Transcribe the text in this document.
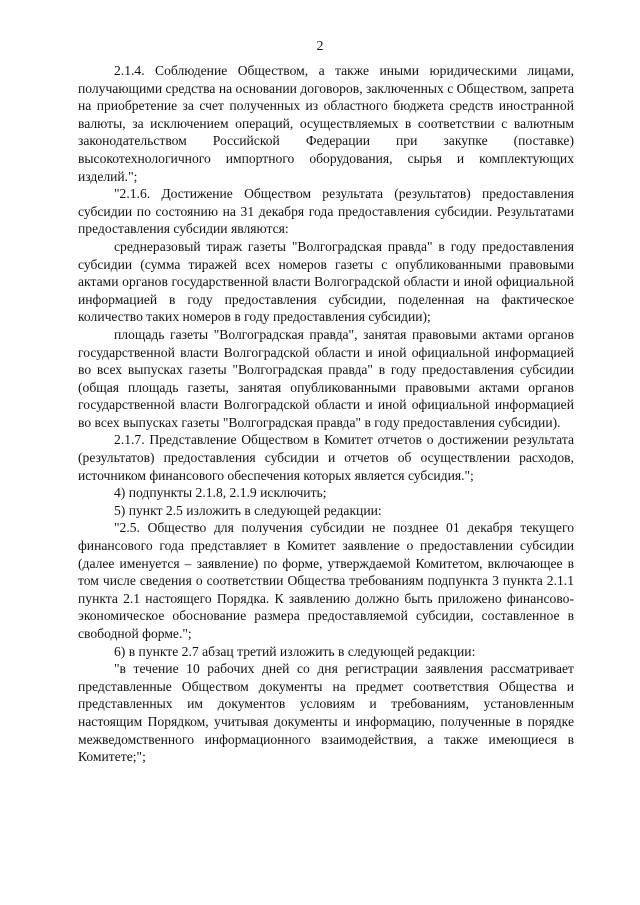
2

2.1.4. Соблюдение Обществом, а также иными юридическими лицами, получающими средства на основании договоров, заключенных с Обществом, запрета на приобретение за счет полученных из областного бюджета средств иностранной валюты, за исключением операций, осуществляемых в соответствии с валютным законодательством Российской Федерации при закупке (поставке) высокотехнологичного импортного оборудования, сырья и комплектующих изделий.";

"2.1.6. Достижение Обществом результата (результатов) предоставления субсидии по состоянию на 31 декабря года предоставления субсидии. Результатами предоставления субсидии являются:

среднеразовый тираж газеты "Волгоградская правда" в году предоставления субсидии (сумма тиражей всех номеров газеты с опубликованными правовыми актами органов государственной власти Волгоградской области и иной официальной информацией в году предоставления субсидии, поделенная на фактическое количество таких номеров в году предоставления субсидии);

площадь газеты "Волгоградская правда", занятая правовыми актами органов государственной власти Волгоградской области и иной официальной информацией во всех выпусках газеты "Волгоградская правда" в году предоставления субсидии (общая площадь газеты, занятая опубликованными правовыми актами органов государственной власти Волгоградской области и иной официальной информацией во всех выпусках газеты "Волгоградская правда" в году предоставления субсидии).

2.1.7. Представление Обществом в Комитет отчетов о достижении результата (результатов) предоставления субсидии и отчетов об осуществлении расходов, источником финансового обеспечения которых является субсидия.";

4) подпункты 2.1.8, 2.1.9 исключить;

5) пункт 2.5 изложить в следующей редакции:

"2.5. Общество для получения субсидии не позднее 01 декабря текущего финансового года представляет в Комитет заявление о предоставлении субсидии (далее именуется – заявление) по форме, утверждаемой Комитетом, включающее в том числе сведения о соответствии Общества требованиям подпункта 3 пункта 2.1.1 пункта 2.1 настоящего Порядка. К заявлению должно быть приложено финансово-экономическое обоснование размера предоставляемой субсидии, составленное в свободной форме.";

6) в пункте 2.7 абзац третий изложить в следующей редакции:

"в течение 10 рабочих дней со дня регистрации заявления рассматривает представленные Обществом документы на предмет соответствия Общества и представленных им документов условиям и требованиям, установленным настоящим Порядком, учитывая документы и информацию, полученные в порядке межведомственного информационного взаимодействия, а также имеющиеся в Комитете;";
